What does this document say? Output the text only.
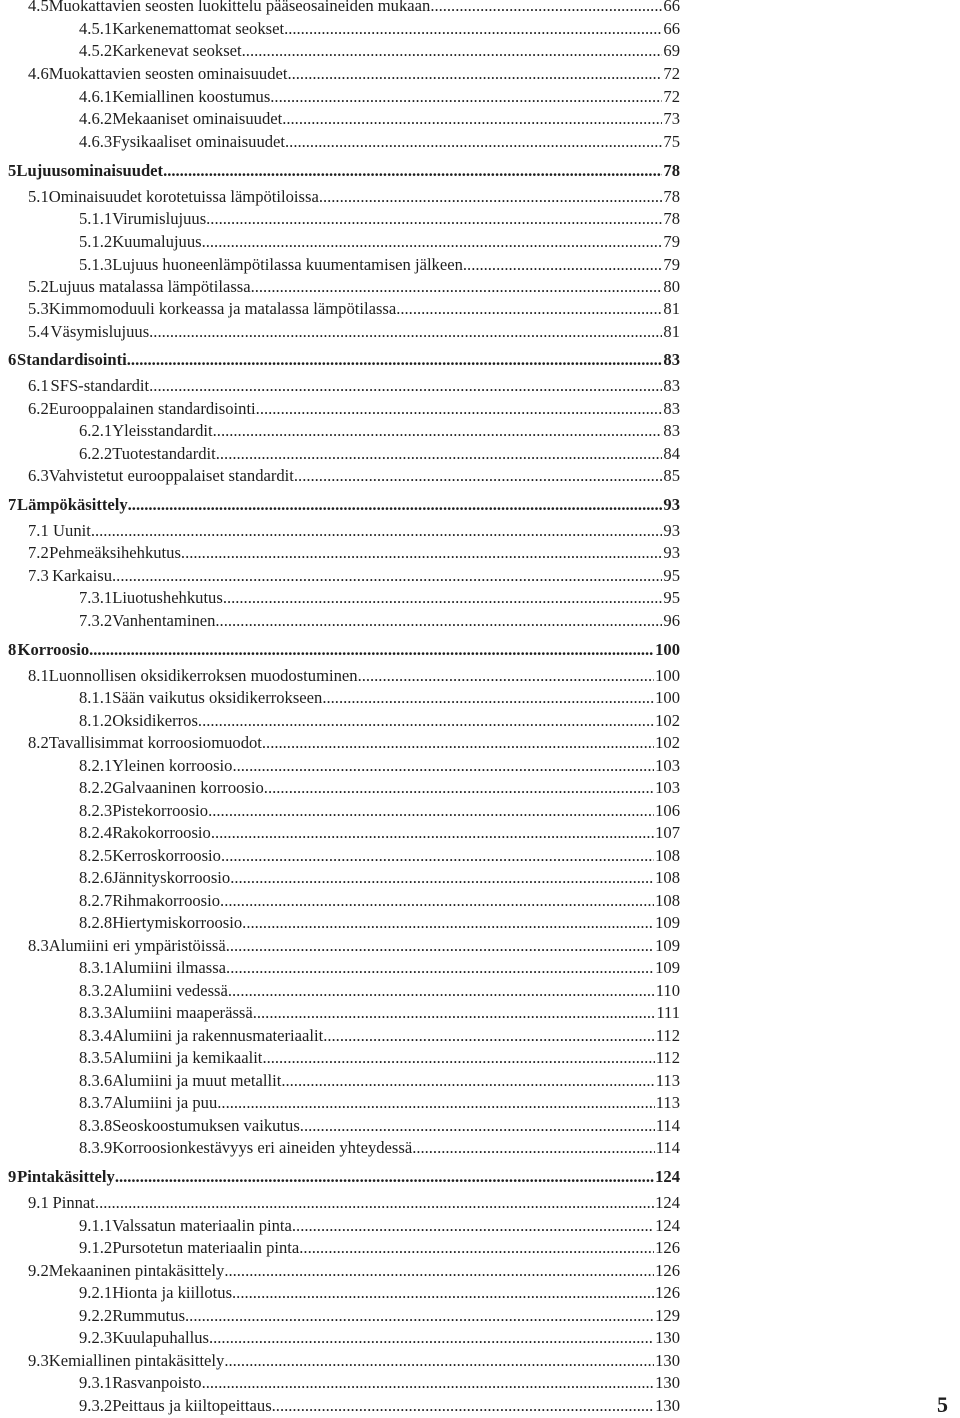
4.5 Muokattavien seosten luokittelu pääseosaineiden mukaan .....	66
4.5.1 Karkenemattomat seokset .....	66
4.5.2 Karkenevat seokset .....	69
4.6 Muokattavien seosten ominaisuudet .....	72
4.6.1 Kemiallinen koostumus .....	72
4.6.2 Mekaaniset ominaisuudet .....	73
4.6.3 Fysikaaliset ominaisuudet .....	75
5 Lujuusominaisuudet .....	78
5.1 Ominaisuudet korotetuissa lämpötiloissa .....	78
5.1.1 Virumislujuus .....	78
5.1.2 Kuumalujuus .....	79
5.1.3 Lujuus huoneenlämpötilassa kuumentamisen jälkeen .....	79
5.2 Lujuus matalassa lämpötilassa .....	80
5.3 Kimmomoduuli korkeassa ja matalassa lämpötilassa .....	81
5.4 Väsymislujuus .....	81
6 Standardisointi .....	83
6.1 SFS-standardit .....	83
6.2 Eurooppalainen standardisointi .....	83
6.2.1 Yleisstandardit .....	83
6.2.2 Tuotestandardit .....	84
6.3 Vahvistetut eurooppalaiset standardit .....	85
7 Lämpökäsittely .....	93
7.1 Uunit .....	93
7.2 Pehmeäksihehkutus .....	93
7.3 Karkaisu .....	95
7.3.1 Liuotushehkutus .....	95
7.3.2 Vanhentaminen .....	96
8 Korroosio .....	100
8.1 Luonnollisen oksidikerroksen muodostuminen .....	100
8.1.1 Sään vaikutus oksidikerrokseen .....	100
8.1.2 Oksidikerros .....	102
8.2 Tavallisimmat korroosiomuodot .....	102
8.2.1 Yleinen korroosio .....	103
8.2.2 Galvaaninen korroosio .....	103
8.2.3 Pistekorroosio .....	106
8.2.4 Rakokorroosio .....	107
8.2.5 Kerroskorroosio .....	108
8.2.6 Jännityskorroosio .....	108
8.2.7 Rihmakorroosio .....	108
8.2.8 Hiertymiskorroosio .....	109
8.3 Alumiini eri ympäristöissä .....	109
8.3.1 Alumiini ilmassa .....	109
8.3.2 Alumiini vedessä .....	110
8.3.3 Alumiini maaperässä .....	111
8.3.4 Alumiini ja rakennusmateriaalit .....	112
8.3.5 Alumiini ja kemikaalit .....	112
8.3.6 Alumiini ja muut metallit .....	113
8.3.7 Alumiini ja puu .....	113
8.3.8 Seoskoostumuksen vaikutus .....	114
8.3.9 Korroosionkestävyys eri aineiden yhteydessä .....	114
9 Pintakäsittely .....	124
9.1 Pinnat .....	124
9.1.1 Valssatun materiaalin pinta .....	124
9.1.2 Pursotetun materiaalin pinta .....	126
9.2 Mekaaninen pintakäsittely .....	126
9.2.1 Hionta ja kiillotus .....	126
9.2.2 Rummutus .....	129
9.2.3 Kuulapuhallus .....	130
9.3 Kemiallinen pintakäsittely .....	130
9.3.1 Rasvanpoisto .....	130
9.3.2 Peittaus ja kiiltopeittaus .....	130	5
